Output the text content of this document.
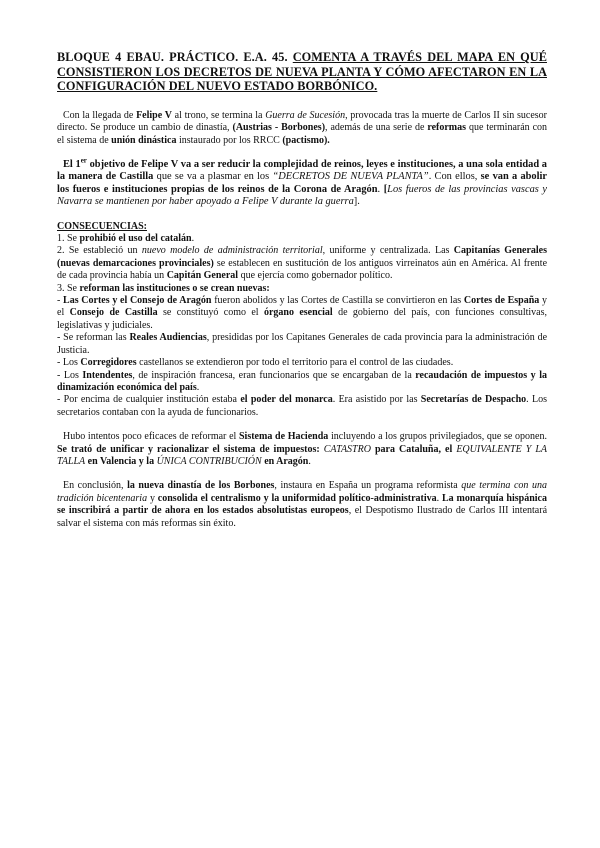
BLOQUE 4 EBAU. PRÁCTICO. E.A. 45. COMENTA A TRAVÉS DEL MAPA EN QUÉ CONSISTIERON LOS DECRETOS DE NUEVA PLANTA Y CÓMO AFECTARON EN LA CONFIGURACIÓN DEL NUEVO ESTADO BORBÓNICO.

Con la llegada de Felipe V al trono, se termina la Guerra de Sucesión, provocada tras la muerte de Carlos II sin sucesor directo. Se produce un cambio de dinastía, (Austrias - Borbones), además de una serie de reformas que terminarán con el sistema de unión dinástica instaurado por los RRCC (pactismo).

El 1er objetivo de Felipe V va a ser reducir la complejidad de reinos, leyes e instituciones, a una sola entidad a la manera de Castilla que se va a plasmar en los “DECRETOS DE NUEVA PLANTA”. Con ellos, se van a abolir los fueros e instituciones propias de los reinos de la Corona de Aragón. [Los fueros de las provincias vascas y Navarra se mantienen por haber apoyado a Felipe V durante la guerra].

CONSECUENCIAS:

1. Se prohibió el uso del catalán.

2. Se estableció un nuevo modelo de administración territorial, uniforme y centralizada. Las Capitanías Generales (nuevas demarcaciones provinciales) se establecen en sustitución de los antiguos virreinatos aún en América. Al frente de cada provincia había un Capitán General que ejercía como gobernador político.

3. Se reforman las instituciones o se crean nuevas:

- Las Cortes y el Consejo de Aragón fueron abolidos y las Cortes de Castilla se convirtieron en las Cortes de España y el Consejo de Castilla se constituyó como el órgano esencial de gobierno del país, con funciones consultivas, legislativas y judiciales.

- Se reforman las Reales Audiencias, presididas por los Capitanes Generales de cada provincia para la administración de Justicia.

- Los Corregidores castellanos se extendieron por todo el territorio para el control de las ciudades.

- Los Intendentes, de inspiración francesa, eran funcionarios que se encargaban de la recaudación de impuestos y la dinamización económica del país.

- Por encima de cualquier institución estaba el poder del monarca. Era asistido por las Secretarías de Despacho. Los secretarios contaban con la ayuda de funcionarios.

Hubo intentos poco eficaces de reformar el Sistema de Hacienda incluyendo a los grupos privilegiados, que se oponen. Se trató de unificar y racionalizar el sistema de impuestos: CATASTRO para Cataluña, el EQUIVALENTE Y LA TALLA en Valencia y la ÚNICA CONTRIBUCIÓN en Aragón.

En conclusión, la nueva dinastía de los Borbones, instaura en España un programa reformista que termina con una tradición bicentenaria y consolida el centralismo y la uniformidad político-administrativa. La monarquía hispánica se inscribirá a partir de ahora en los estados absolutistas europeos, el Despotismo Ilustrado de Carlos III intentará salvar el sistema con más reformas sin éxito.
